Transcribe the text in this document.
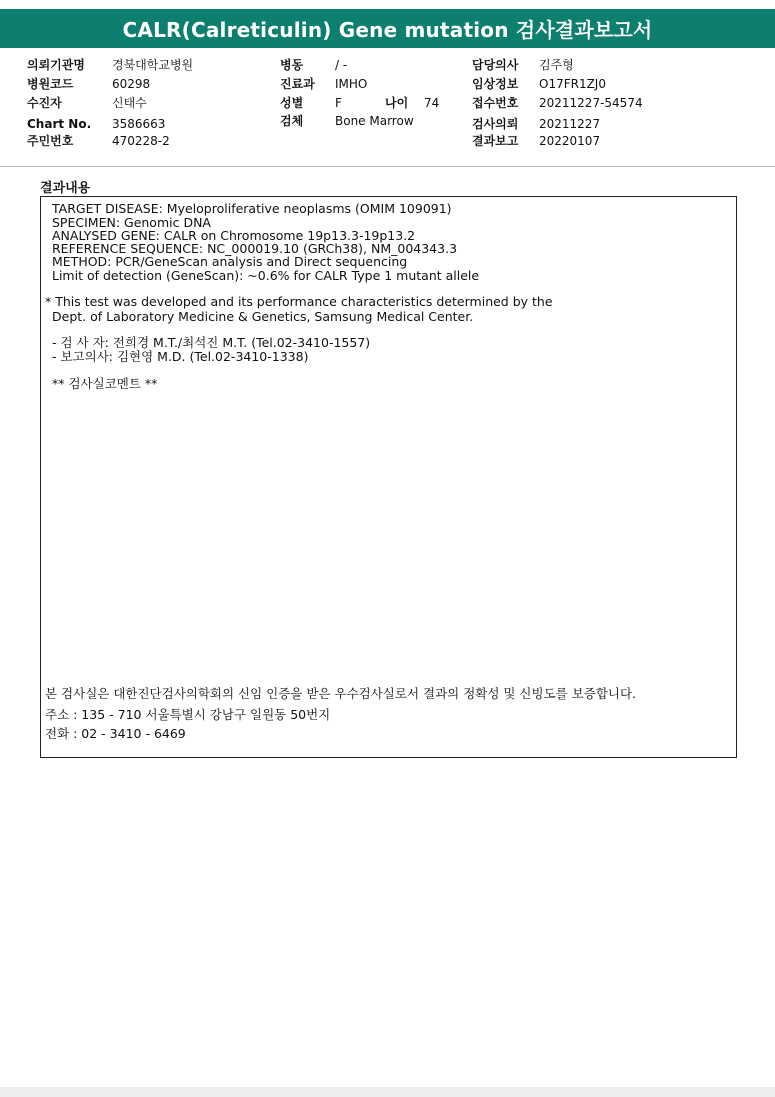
CALR(Calreticulin) Gene mutation 검사결과보고서
의뢰기관명 경북대학교병원
병원코드	60298
수진자	신태수
Chart No. 3586663
주민번호	470228-2
병동	/ -
진료과 IMHO
성별	F	나이 74
검체	Bone Marrow
담당의사 김주형
임상정보 O17FR1ZJ0
접수번호 20211227-54574
검사의뢰 20211227
결과보고 20220107
결과내용
TARGET DISEASE: Myeloproliferative neoplasms (OMIM 109091)
SPECIMEN: Genomic DNA
ANALYSED GENE: CALR on Chromosome 19p13.3-19p13.2
REFERENCE SEQUENCE: NC_000019.10 (GRCh38), NM_004343.3
METHOD: PCR/GeneScan analysis and Direct sequencing
Limit of detection (GeneScan): ~0.6% for CALR Type 1 mutant allele
* This test was developed and its performance characteristics determined by the
Dept. of Laboratory Medicine & Genetics, Samsung Medical Center.
- 검 사 자: 전희경 M.T./최석진 M.T. (Tel.02-3410-1557)
- 보고의사: 김현영 M.D. (Tel.02-3410-1338)
** 검사실코멘트 **
본 검사실은 대한진단검사의학회의 신임 인증을 받은 우수검사실로서 결과의 정확성 및 신빙도를 보증합니다.
주소 : 135 - 710 서울특별시 강남구 일원동 50번지
전화 : 02 - 3410 - 6469
